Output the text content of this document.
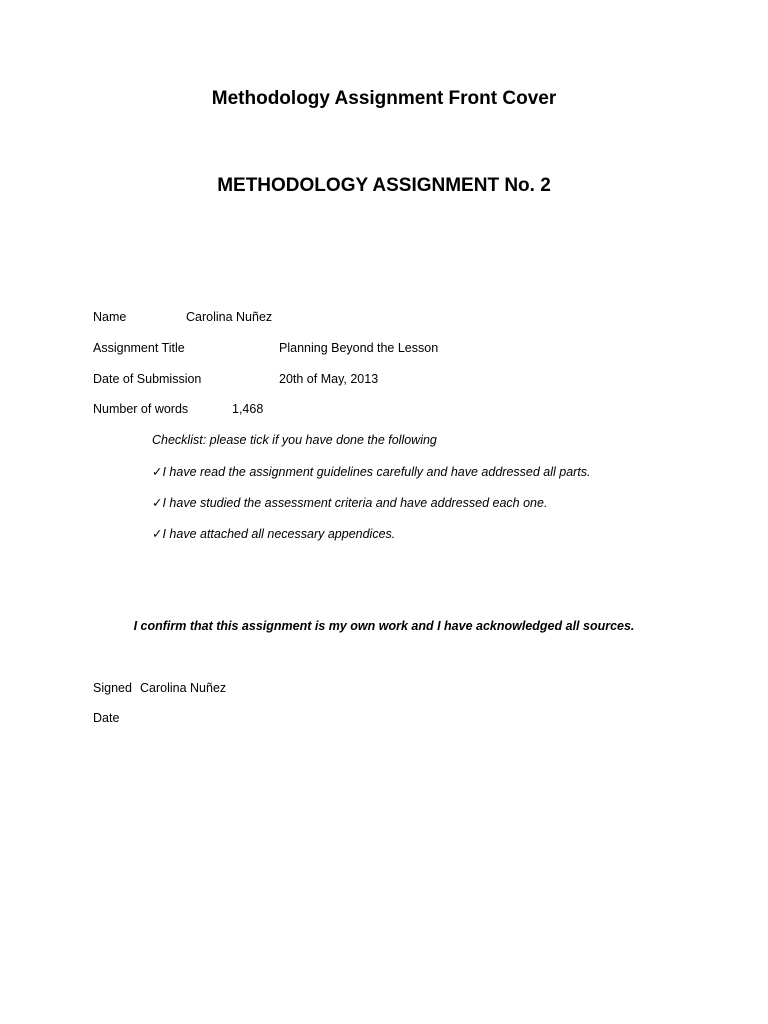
Methodology Assignment Front Cover
METHODOLOGY ASSIGNMENT No. 2
Name	Carolina Nuñez
Assignment Title	Planning Beyond the Lesson
Date of Submission	20th of May, 2013
Number of words	1,468
Checklist: please tick if you have done the following
✓I have read the assignment guidelines carefully and have addressed all parts.
✓I have studied the assessment criteria and have addressed each one.
✓I have attached all necessary appendices.
I confirm that this assignment is my own work and I have acknowledged all sources.
Signed Carolina Nuñez
Date
